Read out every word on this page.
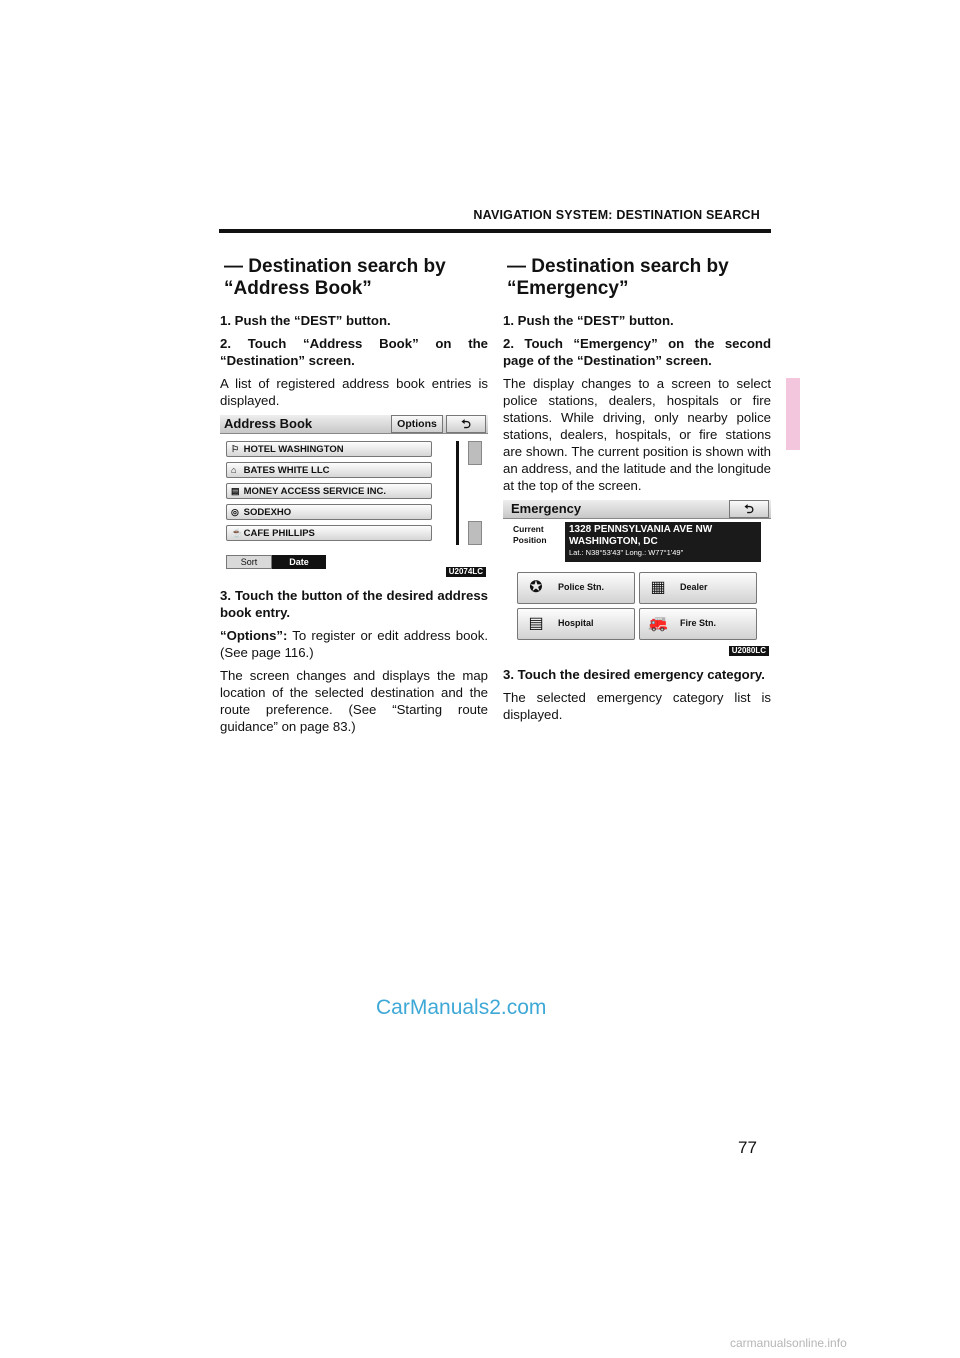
NAVIGATION SYSTEM: DESTINATION SEARCH
— Destination search by
“Address Book”
1. Push the “DEST” button.
2. Touch “Address Book” on the “Destination” screen.
A list of registered address book entries is displayed.
Address Book	Options	⮌
⚐ HOTEL WASHINGTON
⌂ BATES WHITE LLC
▤ MONEY ACCESS SERVICE INC.
◎ SODEXHO
☕ CAFE PHILLIPS
Sort	Date
U2074LC
3. Touch the button of the desired address book entry.
“Options”: To register or edit address book. (See page 116.)
The screen changes and displays the map location of the selected destination and the route preference. (See “Starting route guidance” on page 83.)
— Destination search by
“Emergency”
1. Push the “DEST” button.
2. Touch “Emergency” on the second page of the “Destination” screen.
The display changes to a screen to select police stations, dealers, hospitals or fire stations. While driving, only nearby police stations, dealers, hospitals, or fire stations are shown. The current position is shown with an address, and the latitude and the longitude at the top of the screen.
Emergency	⮌
Current
Position
1328 PENNSYLVANIA AVE NW
WASHINGTON, DC
Lat.: N38°53'43" Long.: W77°1'49"
✪	Police Stn.	▦ Dealer
▤ Hospital	🚒 Fire Stn.
U2080LC
3. Touch the desired emergency category.
The selected emergency category list is displayed.
CarManuals2.com
77
carmanualsonline.info
